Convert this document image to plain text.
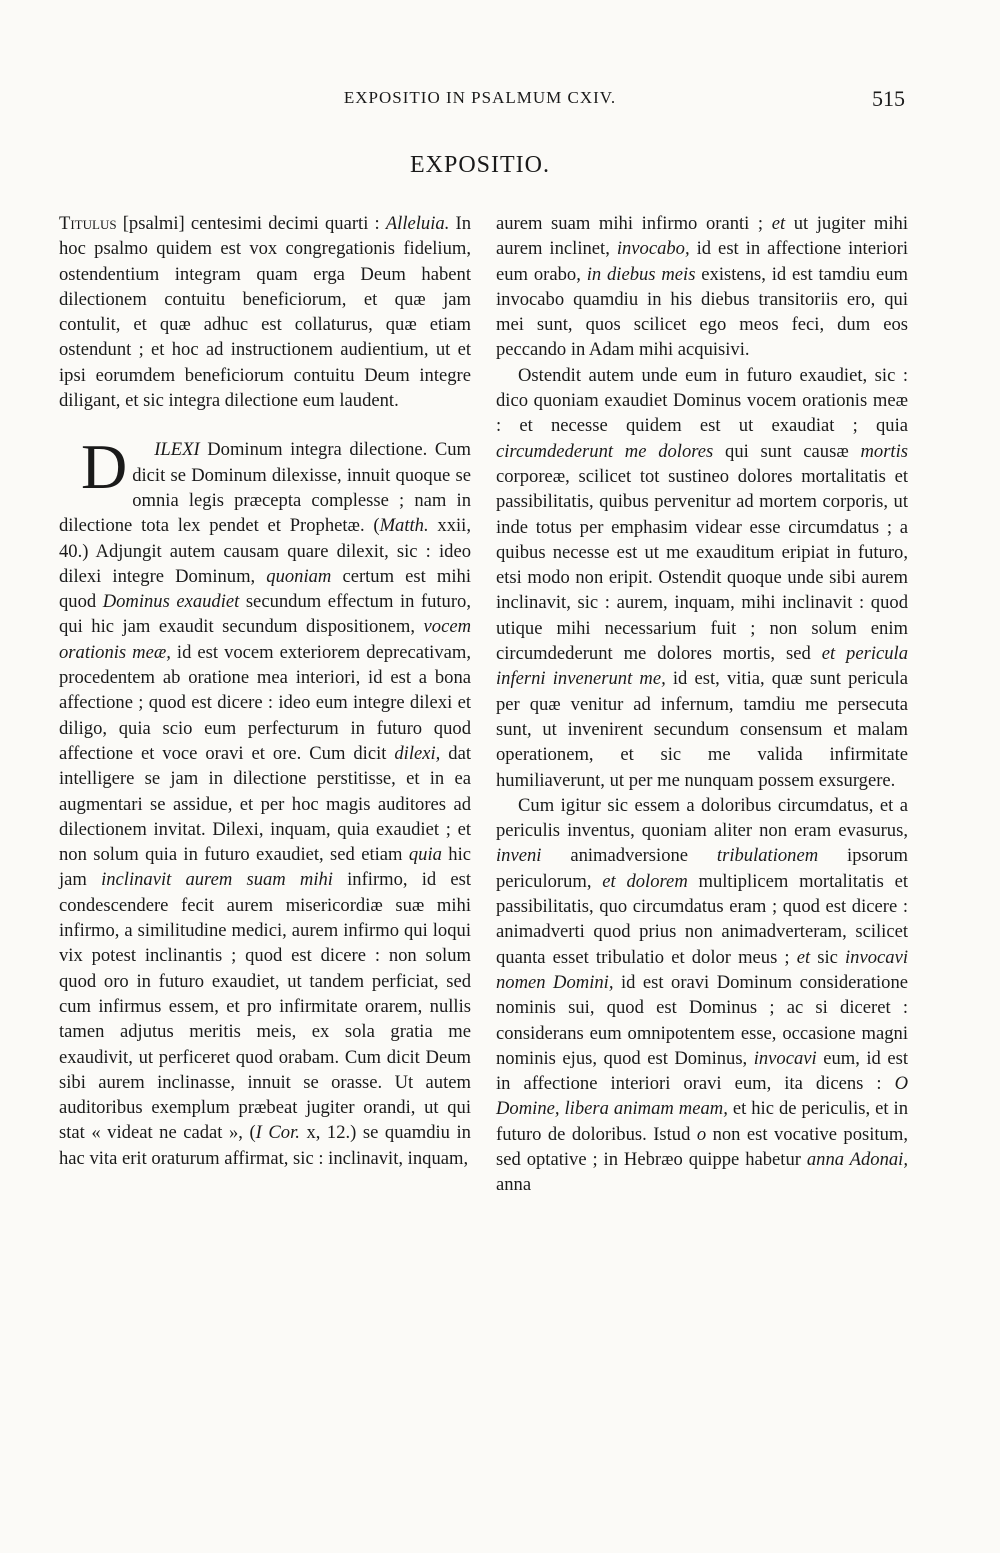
EXPOSITIO IN PSALMUM CXIV.	515
EXPOSITIO.

Titulus [psalmi] centesimi decimi quarti : Alleluia. In hoc psalmo quidem est vox congregationis fidelium, ostendentium integram quam erga Deum habent dilectionem contuitu beneficiorum, et quæ jam contulit, et quæ adhuc est collaturus, quæ etiam ostendunt ; et hoc ad instructionem audientium, ut et ipsi eorumdem beneficiorum contuitu Deum integre diligant, et sic integra dilectione eum laudent.

D ILEXI Dominum integra dilectione. Cum dicit se Dominum dilexisse, innuit quoque se omnia legis præcepta complesse ; nam in dilectione tota lex pendet et Prophetæ. (Matth. xxii, 40.) Adjungit autem causam quare dilexit, sic : ideo dilexi integre Dominum, quoniam certum est mihi quod Dominus exaudiet secundum effectum in futuro, qui hic jam exaudit secundum dispositionem, vocem orationis meæ, id est vocem exteriorem deprecativam, procedentem ab oratione mea interiori, id est a bona affectione ; quod est dicere : ideo eum integre dilexi et diligo, quia scio eum perfecturum in futuro quod affectione et voce oravi et ore. Cum dicit dilexi, dat intelligere se jam in dilectione perstitisse, et in ea augmentari se assidue, et per hoc magis auditores ad dilectionem invitat. Dilexi, inquam, quia exaudiet ; et non solum quia in futuro exaudiet, sed etiam quia hic jam inclinavit aurem suam mihi infirmo, id est condescendere fecit aurem misericordiæ suæ mihi infirmo, a similitudine medici, aurem infirmo qui loqui vix potest inclinantis ; quod est dicere : non solum quod oro in futuro exaudiet, ut tandem perficiat, sed cum infirmus essem, et pro infirmitate orarem, nullis tamen adjutus meritis meis, ex sola gratia me exaudivit, ut perficeret quod orabam. Cum dicit Deum sibi aurem inclinasse, innuit se orasse. Ut autem auditoribus exemplum præbeat jugiter orandi, ut qui stat « videat ne cadat », (I Cor. x, 12.) se quamdiu in hac vita erit oraturum affirmat, sic : inclinavit, inquam,

aurem suam mihi infirmo oranti ; et ut jugiter mihi aurem inclinet, invocabo, id est in affectione interiori eum orabo, in diebus meis existens, id est tamdiu eum invocabo quamdiu in his diebus transitoriis ero, qui mei sunt, quos scilicet ego meos feci, dum eos peccando in Adam mihi acquisivi.

Ostendit autem unde eum in futuro exaudiet, sic : dico quoniam exaudiet Dominus vocem orationis meæ : et necesse quidem est ut exaudiat ; quia circumdederunt me dolores qui sunt causæ mortis corporeæ, scilicet tot sustineo dolores mortalitatis et passibilitatis, quibus pervenitur ad mortem corporis, ut inde totus per emphasim videar esse circumdatus ; a quibus necesse est ut me exauditum eripiat in futuro, etsi modo non eripit. Ostendit quoque unde sibi aurem inclinavit, sic : aurem, inquam, mihi inclinavit : quod utique mihi necessarium fuit ; non solum enim circumdederunt me dolores mortis, sed et pericula inferni invenerunt me, id est, vitia, quæ sunt pericula per quæ venitur ad infernum, tamdiu me persecuta sunt, ut invenirent secundum consensum et malam operationem, et sic me valida infirmitate humiliaverunt, ut per me nunquam possem exsurgere.

Cum igitur sic essem a doloribus circumdatus, et a periculis inventus, quoniam aliter non eram evasurus, inveni animadversione tribulationem ipsorum periculorum, et dolorem multiplicem mortalitatis et passibilitatis, quo circumdatus eram ; quod est dicere : animadverti quod prius non animadverteram, scilicet quanta esset tribulatio et dolor meus ; et sic invocavi nomen Domini, id est oravi Dominum consideratione nominis sui, quod est Dominus ; ac si diceret : considerans eum omnipotentem esse, occasione magni nominis ejus, quod est Dominus, invocavi eum, id est in affectione interiori oravi eum, ita dicens : O Domine, libera animam meam, et hic de periculis, et in futuro de doloribus. Istud o non est vocative positum, sed optative ; in Hebræo quippe habetur anna Adonai, anna
